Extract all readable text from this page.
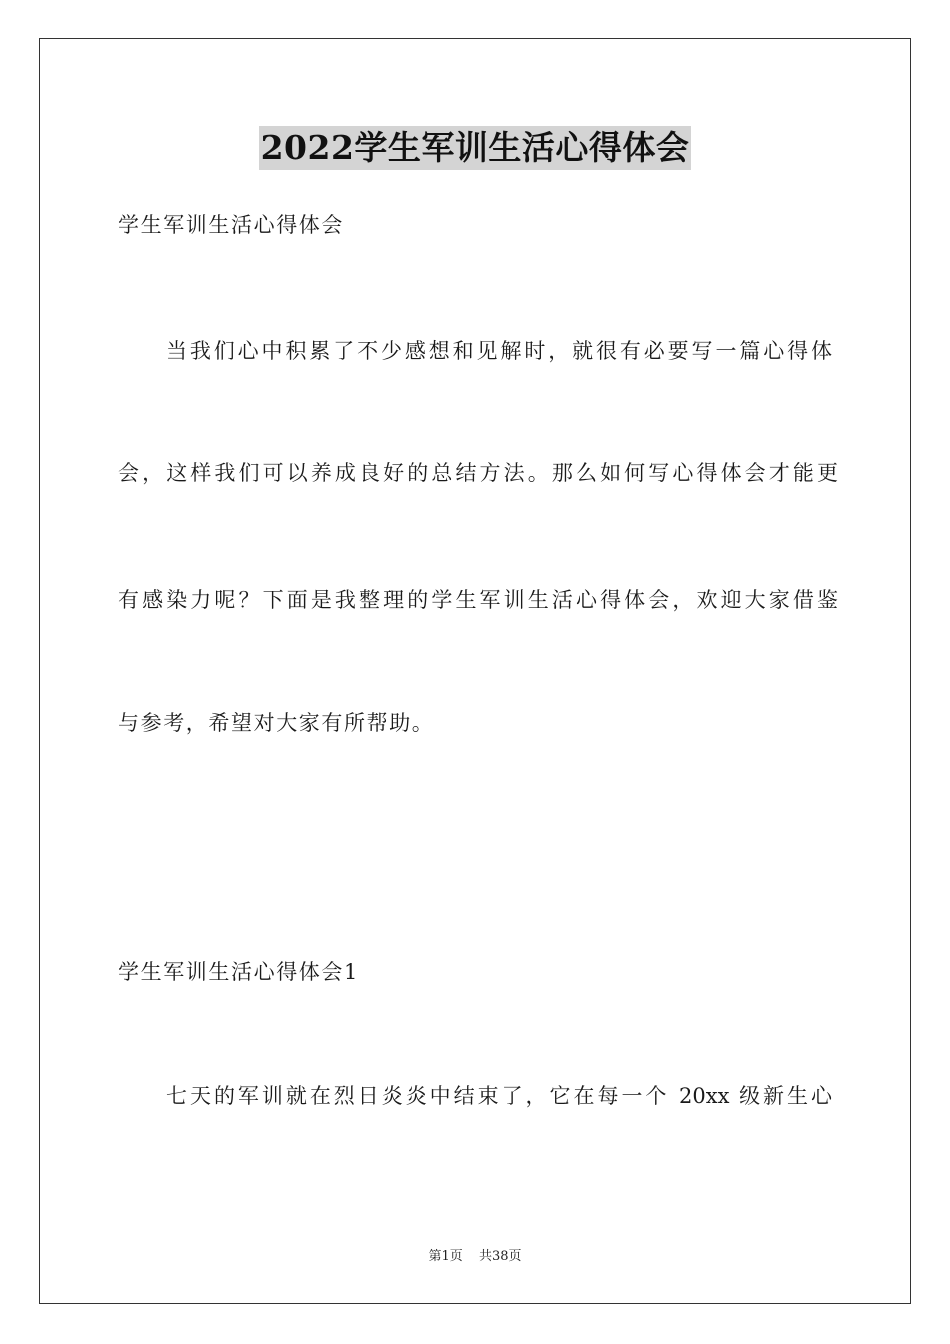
2022学生军训生活心得体会
学生军训生活心得体会
当我们心中积累了不少感想和见解时，就很有必要写一篇心得体
会，这样我们可以养成良好的总结方法。那么如何写心得体会才能更
有感染力呢？下面是我整理的学生军训生活心得体会，欢迎大家借鉴
与参考，希望对大家有所帮助。
学生军训生活心得体会1
七天的军训就在烈日炎炎中结束了，它在每一个 20xx 级新生心
第1页 共38页
